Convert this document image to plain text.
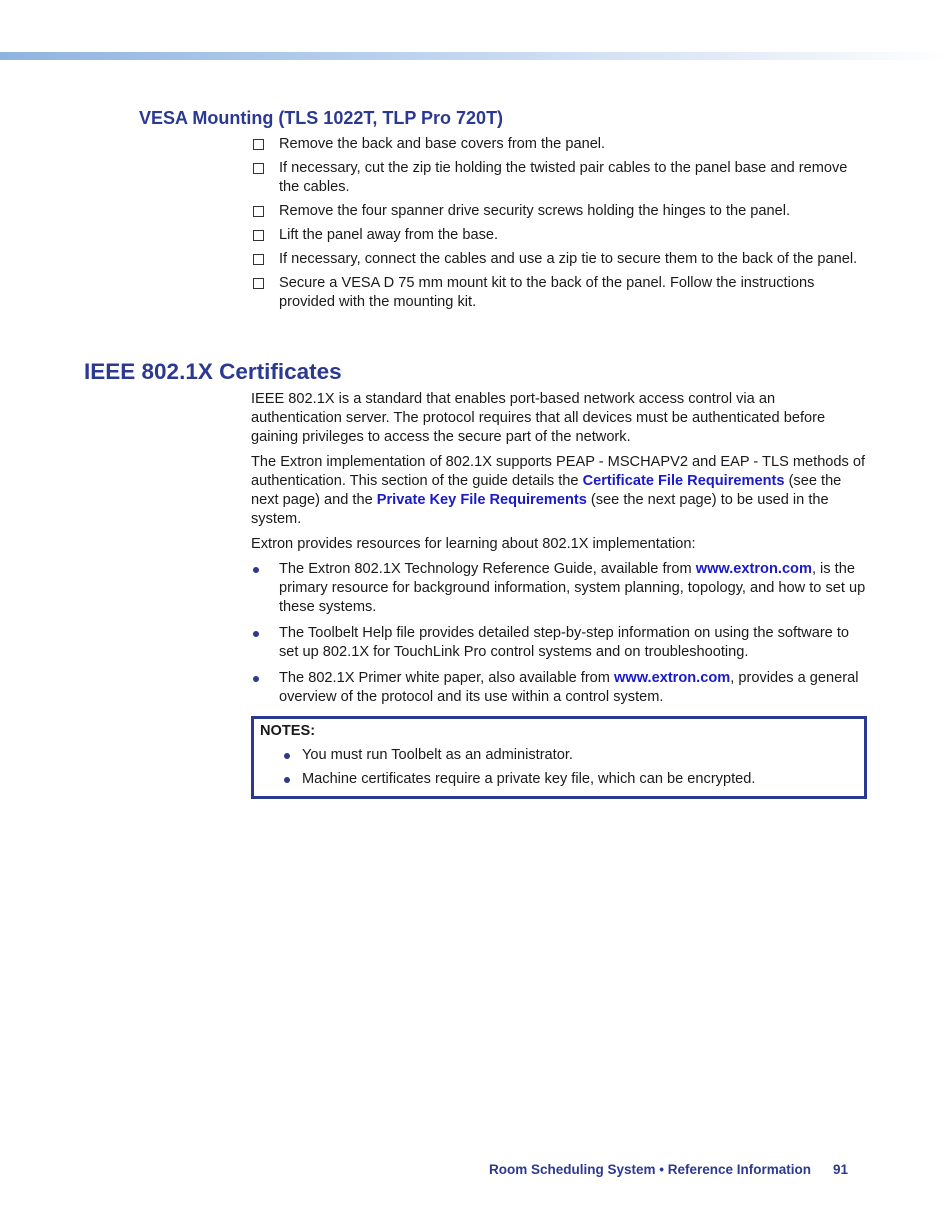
VESA Mounting (TLS 1022T, TLP Pro 720T)
Remove the back and base covers from the panel.
If necessary, cut the zip tie holding the twisted pair cables to the panel base and remove the cables.
Remove the four spanner drive security screws holding the hinges to the panel.
Lift the panel away from the base.
If necessary, connect the cables and use a zip tie to secure them to the back of the panel.
Secure a VESA D 75 mm mount kit to the back of the panel. Follow the instructions provided with the mounting kit.
IEEE 802.1X Certificates

IEEE 802.1X is a standard that enables port-based network access control via an authentication server. The protocol requires that all devices must be authenticated before gaining privileges to access the secure part of the network.

The Extron implementation of 802.1X supports PEAP - MSCHAPV2 and EAP - TLS methods of authentication. This section of the guide details the Certificate File Requirements (see the next page) and the Private Key File Requirements (see the next page) to be used in the system.

Extron provides resources for learning about 802.1X implementation:

The Extron 802.1X Technology Reference Guide, available from www.extron.com, is the primary resource for background information, system planning, topology, and how to set up these systems.
The Toolbelt Help file provides detailed step-by-step information on using the software to set up 802.1X for TouchLink Pro control systems and on troubleshooting.
The 802.1X Primer white paper, also available from www.extron.com, provides a general overview of the protocol and its use within a control system.
NOTES:
You must run Toolbelt as an administrator.
Machine certificates require a private key file, which can be encrypted.
Room Scheduling System • Reference Information 91
